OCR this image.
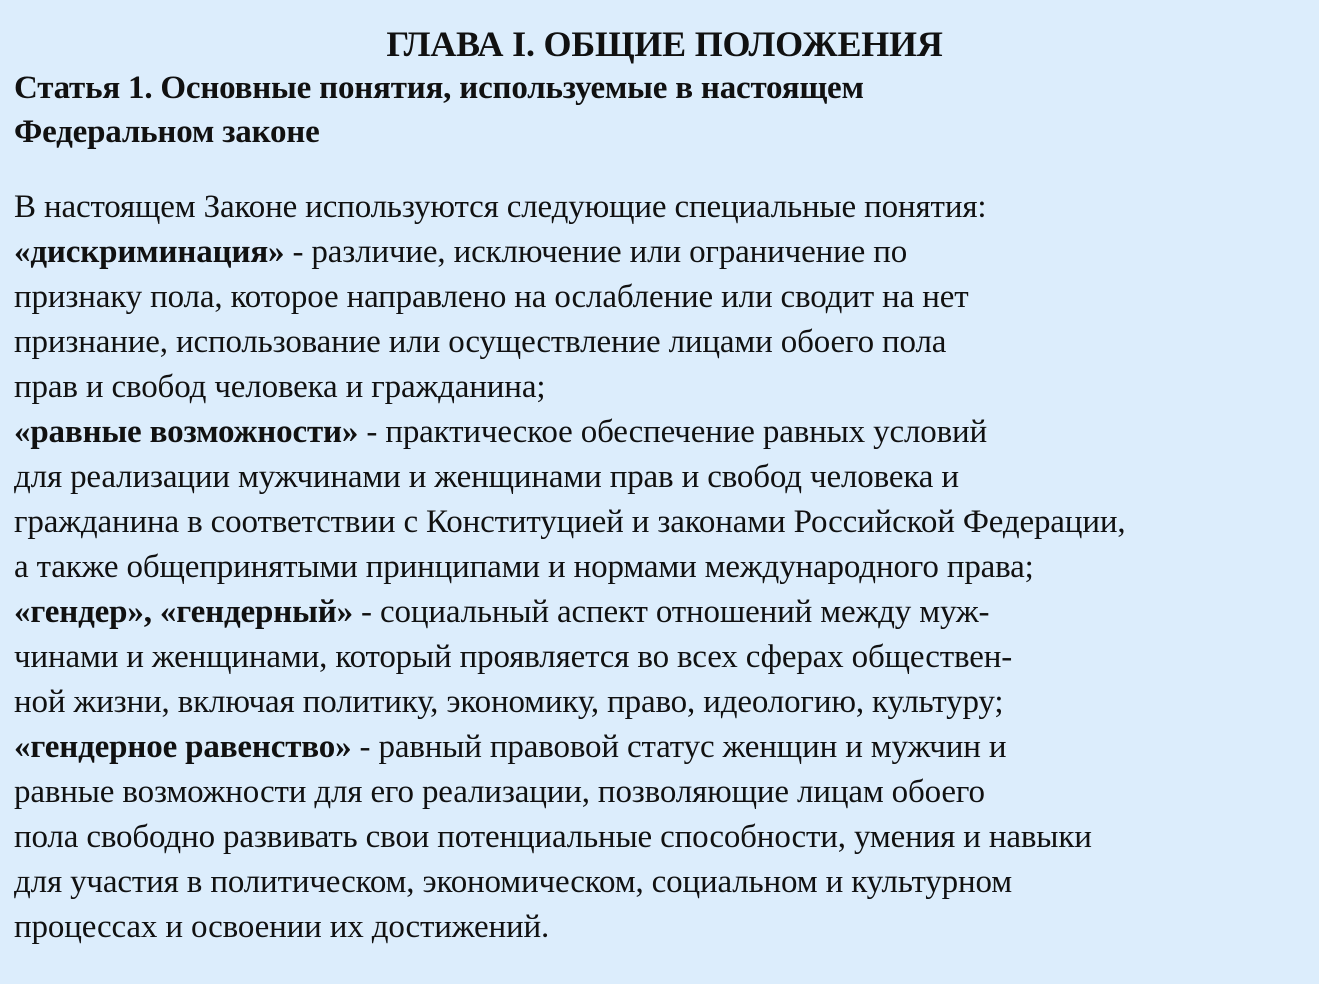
ГЛАВА I. ОБЩИЕ ПОЛОЖЕНИЯ
Статья 1. Основные понятия, используемые в настоящем
Федеральном законе
В настоящем Законе используются следующие специальные понятия:
«дискриминация» - различие, исключение или ограничение по
признаку пола, которое направлено на ослабление или сводит на нет
признание, использование или осуществление лицами обоего пола
прав и свобод человека и гражданина;
«равные возможности» - практическое обеспечение равных условий
для реализации мужчинами и женщинами прав и свобод человека и
гражданина в соответствии с Конституцией и законами Российской Федерации,
а также общепринятыми принципами и нормами международного права;
«гендер», «гендерный» - социальный аспект отношений между муж-
чинами и женщинами, который проявляется во всех сферах обществен-
ной жизни, включая политику, экономику, право, идеологию, культуру;
«гендерное равенство» - равный правовой статус женщин и мужчин и
равные возможности для его реализации, позволяющие лицам обоего
пола свободно развивать свои потенциальные способности, умения и навыки
для участия в политическом, экономическом, социальном и культурном
процессах и освоении их достижений.
